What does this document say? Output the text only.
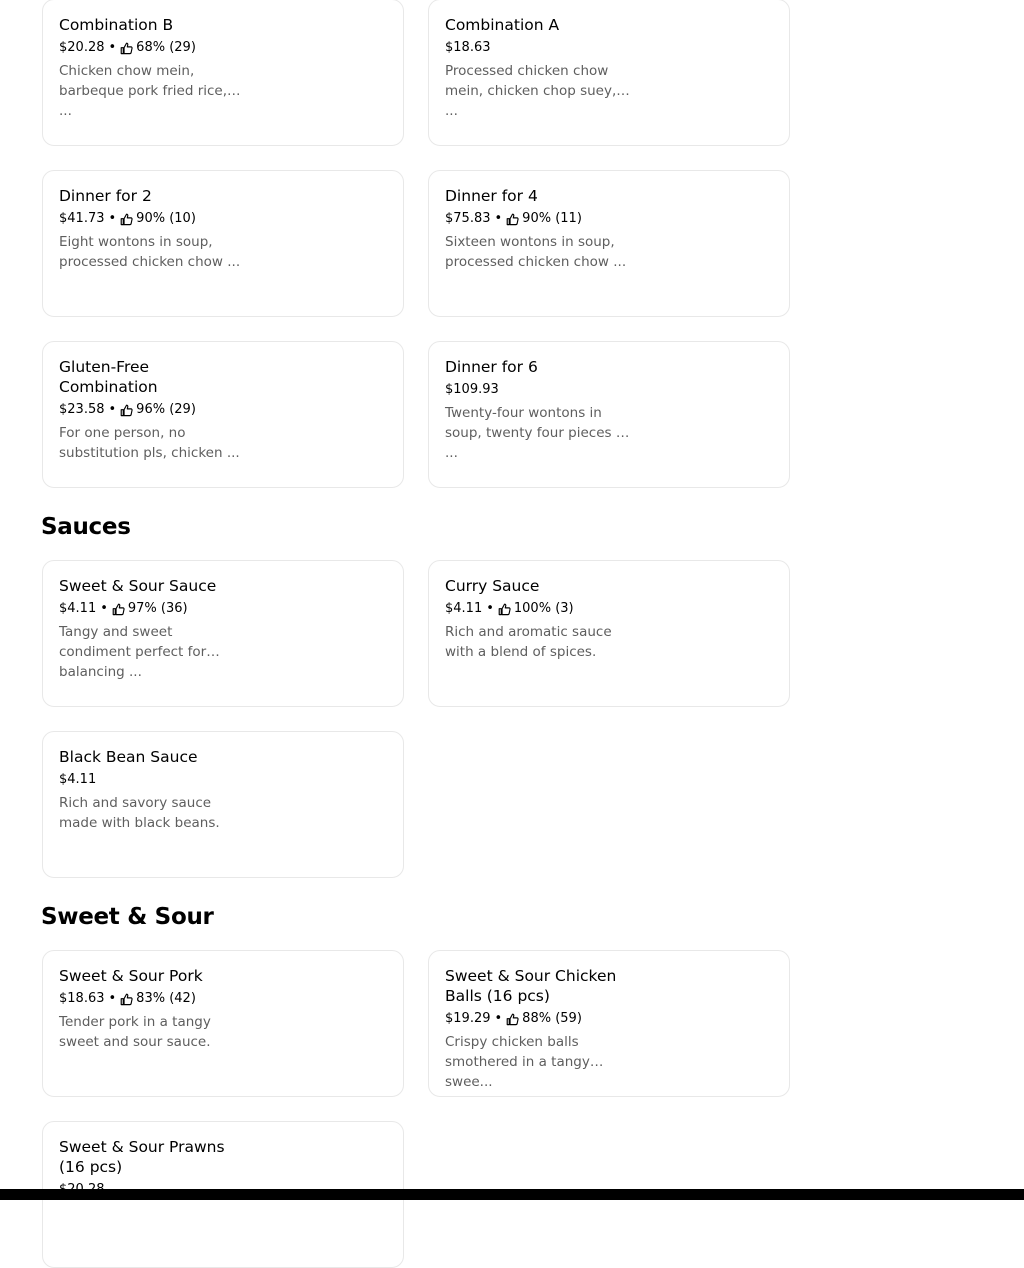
Combination B
$20.28 • 68% (29)
Chicken chow mein, barbeque pork fried rice, ...
Combination A
$18.63
Processed chicken chow mein, chicken chop suey, ...
Dinner for 2
$41.73 • 90% (10)
Eight wontons in soup, processed chicken chow ...
Dinner for 4
$75.83 • 90% (11)
Sixteen wontons in soup, processed chicken chow ...
Gluten-Free Combination
$23.58 • 96% (29)
For one person, no substitution pls, chicken ...
Dinner for 6
$109.93
Twenty-four wontons in soup, twenty four pieces of ...
Sauces
Sweet & Sour Sauce
$4.11 • 97% (36)
Tangy and sweet condiment perfect for balancing ...
Curry Sauce
$4.11 • 100% (3)
Rich and aromatic sauce with a blend of spices.
Black Bean Sauce
$4.11
Rich and savory sauce made with black beans.
Sweet & Sour
Sweet & Sour Pork
$18.63 • 83% (42)
Tender pork in a tangy sweet and sour sauce.
Sweet & Sour Chicken Balls (16 pcs)
$19.29 • 88% (59)
Crispy chicken balls smothered in a tangy swee...
Sweet & Sour Prawns (16 pcs)
